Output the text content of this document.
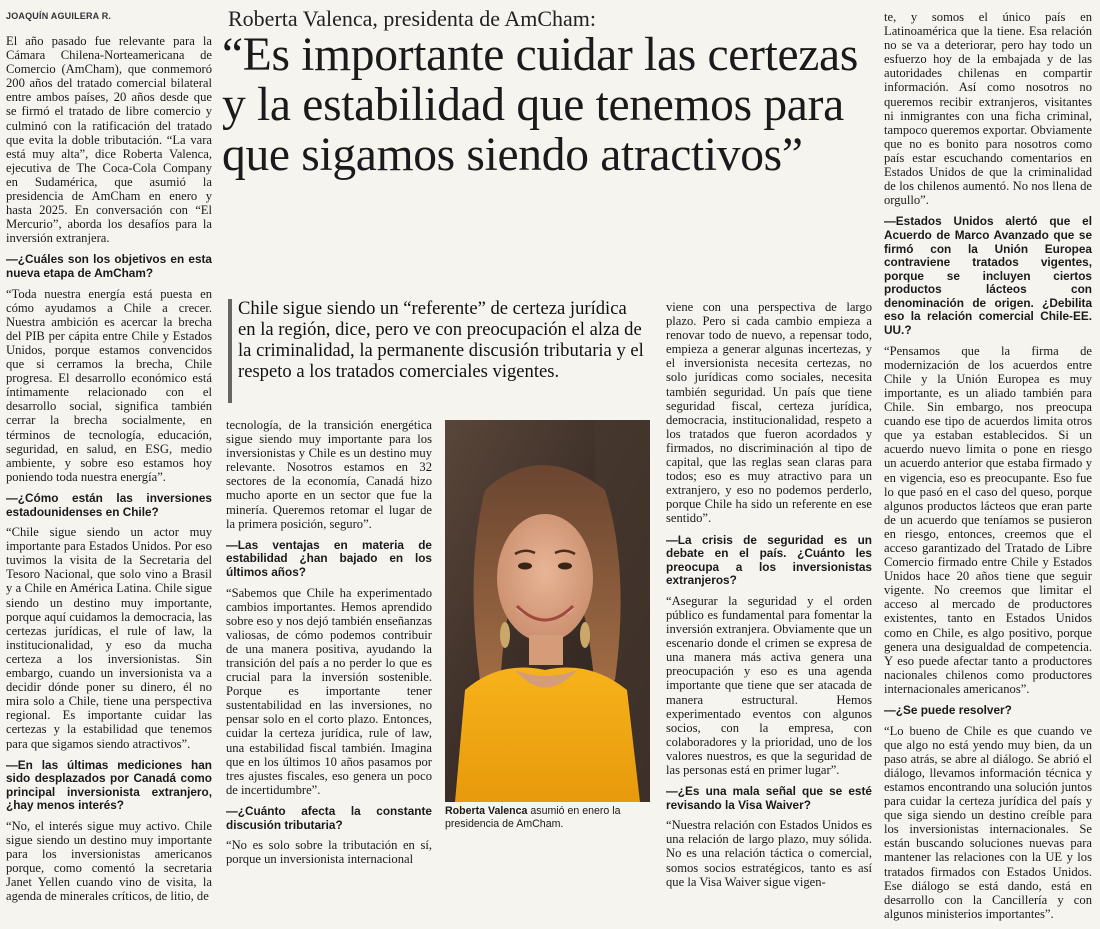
JOAQUÍN AGUILERA R.	Roberta Valenca, presidenta de AmCham:
“Es importante cuidar las certezas y la estabilidad que tenemos para que sigamos siendo atractivos”
Chile sigue siendo un “referente” de certeza jurídica en la región, dice, pero ve con preocupación el alza de la criminalidad, la permanente discusión tributaria y el respeto a los tratados comerciales vigentes.

El año pasado fue relevante para la Cámara Chilena-Norteamericana de Comercio (AmCham), que conmemoró 200 años del tratado comercial bilateral entre ambos países, 20 años desde que se firmó el tratado de libre comercio y culminó con la ratificación del tratado que evita la doble tributación. “La vara está muy alta”, dice Roberta Valenca, ejecutiva de The Coca-Cola Company en Sudamérica, que asumió la presidencia de AmCham en enero y hasta 2025. En conversación con “El Mercurio”, aborda los desafíos para la inversión extranjera.

—¿Cuáles son los objetivos en esta nueva etapa de AmCham?

“Toda nuestra energía está puesta en cómo ayudamos a Chile a crecer. Nuestra ambición es acercar la brecha del PIB per cápita entre Chile y Estados Unidos, porque estamos convencidos que si cerramos la brecha, Chile progresa. El desarrollo económico está íntimamente relacionado con el desarrollo social, significa también cerrar la brecha socialmente, en términos de tecnología, educación, seguridad, en salud, en ESG, medio ambiente, y sobre eso estamos hoy poniendo toda nuestra energía”.

—¿Cómo están las inversiones estadounidenses en Chile?

“Chile sigue siendo un actor muy importante para Estados Unidos. Por eso tuvimos la visita de la Secretaria del Tesoro Nacional, que solo vino a Brasil y a Chile en América Latina. Chile sigue siendo un destino muy importante, porque aquí cuidamos la democracia, las certezas jurídicas, el rule of law, la institucionalidad, y eso da mucha certeza a los inversionistas. Sin embargo, cuando un inversionista va a decidir dónde poner su dinero, él no mira solo a Chile, tiene una perspectiva regional. Es importante cuidar las certezas y la estabilidad que tenemos para que sigamos siendo atractivos”.

—En las últimas mediciones han sido desplazados por Canadá como principal inversionista extranjero, ¿hay menos interés?

“No, el interés sigue muy activo. Chile sigue siendo un destino muy importante para los inversionistas americanos porque, como comentó la secretaria Janet Yellen cuando vino de visita, la agenda de minerales críticos, de litio, de

tecnología, de la transición energética sigue siendo muy importante para los inversionistas y Chile es un destino muy relevante. Nosotros estamos en 32 sectores de la economía, Canadá hizo mucho aporte en un sector que fue la minería. Queremos retomar el lugar de la primera posición, seguro”.

—Las ventajas en materia de estabilidad ¿han bajado en los últimos años?

“Sabemos que Chile ha experimentado cambios importantes. Hemos aprendido sobre eso y nos dejó también enseñanzas valiosas, de cómo podemos contribuir de una manera positiva, ayudando la transición del país a no perder lo que es crucial para la inversión sostenible. Porque es importante tener sustentabilidad en las inversiones, no pensar solo en el corto plazo. Entonces, cuidar la certeza jurídica, rule of law, una estabilidad fiscal también. Imagina que en los últimos 10 años pasamos por tres ajustes fiscales, eso genera un poco de incertidumbre”.

—¿Cuánto afecta la constante discusión tributaria?

“No es solo sobre la tributación en sí, porque un inversionista internacional

viene con una perspectiva de largo plazo. Pero si cada cambio empieza a renovar todo de nuevo, a repensar todo, empieza a generar algunas incertezas, y el inversionista necesita certezas, no solo jurídicas como sociales, necesita también seguridad. Un país que tiene seguridad fiscal, certeza jurídica, democracia, institucionalidad, respeto a los tratados que fueron acordados y firmados, no discriminación al tipo de capital, que las reglas sean claras para todos; eso es muy atractivo para un extranjero, y eso no podemos perderlo, porque Chile ha sido un referente en ese sentido”.

—La crisis de seguridad es un debate en el país. ¿Cuánto les preocupa a los inversionistas extranjeros?

“Asegurar la seguridad y el orden público es fundamental para fomentar la inversión extranjera. Obviamente que un escenario donde el crimen se expresa de una manera más activa genera una preocupación y eso es una agenda importante que tiene que ser atacada de manera estructural. Hemos experimentado eventos con algunos socios, con la empresa, con colaboradores y la prioridad, uno de los valores nuestros, es que la seguridad de las personas está en primer lugar”.

—¿Es una mala señal que se esté revisando la Visa Waiver?

“Nuestra relación con Estados Unidos es una relación de largo plazo, muy sólida. No es una relación táctica o comercial, somos socios estratégicos, tanto es así que la Visa Waiver sigue vigen-

te, y somos el único país en Latinoamérica que la tiene. Esa relación no se va a deteriorar, pero hay todo un esfuerzo hoy de la embajada y de las autoridades chilenas en compartir información. Así como nosotros no queremos recibir extranjeros, visitantes ni inmigrantes con una ficha criminal, tampoco queremos exportar. Obviamente que no es bonito para nosotros como país estar escuchando comentarios en Estados Unidos de que la criminalidad de los chilenos aumentó. No nos llena de orgullo”.

—Estados Unidos alertó que el Acuerdo de Marco Avanzado que se firmó con la Unión Europea contraviene tratados vigentes, porque se incluyen ciertos productos lácteos con denominación de origen. ¿Debilita eso la relación comercial Chile-EE. UU.?

“Pensamos que la firma de modernización de los acuerdos entre Chile y la Unión Europea es muy importante, es un aliado también para Chile. Sin embargo, nos preocupa cuando ese tipo de acuerdos limita otros que ya estaban establecidos. Si un acuerdo nuevo limita o pone en riesgo un acuerdo anterior que estaba firmado y en vigencia, eso es preocupante. Eso fue lo que pasó en el caso del queso, porque algunos productos lácteos que eran parte de un acuerdo que teníamos se pusieron en riesgo, entonces, creemos que el acceso garantizado del Tratado de Libre Comercio firmado entre Chile y Estados Unidos hace 20 años tiene que seguir vigente. No creemos que limitar el acceso al mercado de productores existentes, tanto en Estados Unidos como en Chile, es algo positivo, porque genera una desigualdad de competencia. Y eso puede afectar tanto a productores nacionales chilenos como productores internacionales americanos”.

—¿Se puede resolver?

“Lo bueno de Chile es que cuando ve que algo no está yendo muy bien, da un paso atrás, se abre al diálogo. Se abrió el diálogo, llevamos información técnica y estamos encontrando una solución juntos para cuidar la certeza jurídica del país y que siga siendo un destino creíble para los inversionistas internacionales. Se están buscando soluciones nuevas para mantener las relaciones con la UE y los tratados firmados con Estados Unidos. Ese diálogo se está dando, está en desarrollo con la Cancillería y con algunos ministerios importantes”.

Roberta Valenca asumió en enero la presidencia de AmCham.
